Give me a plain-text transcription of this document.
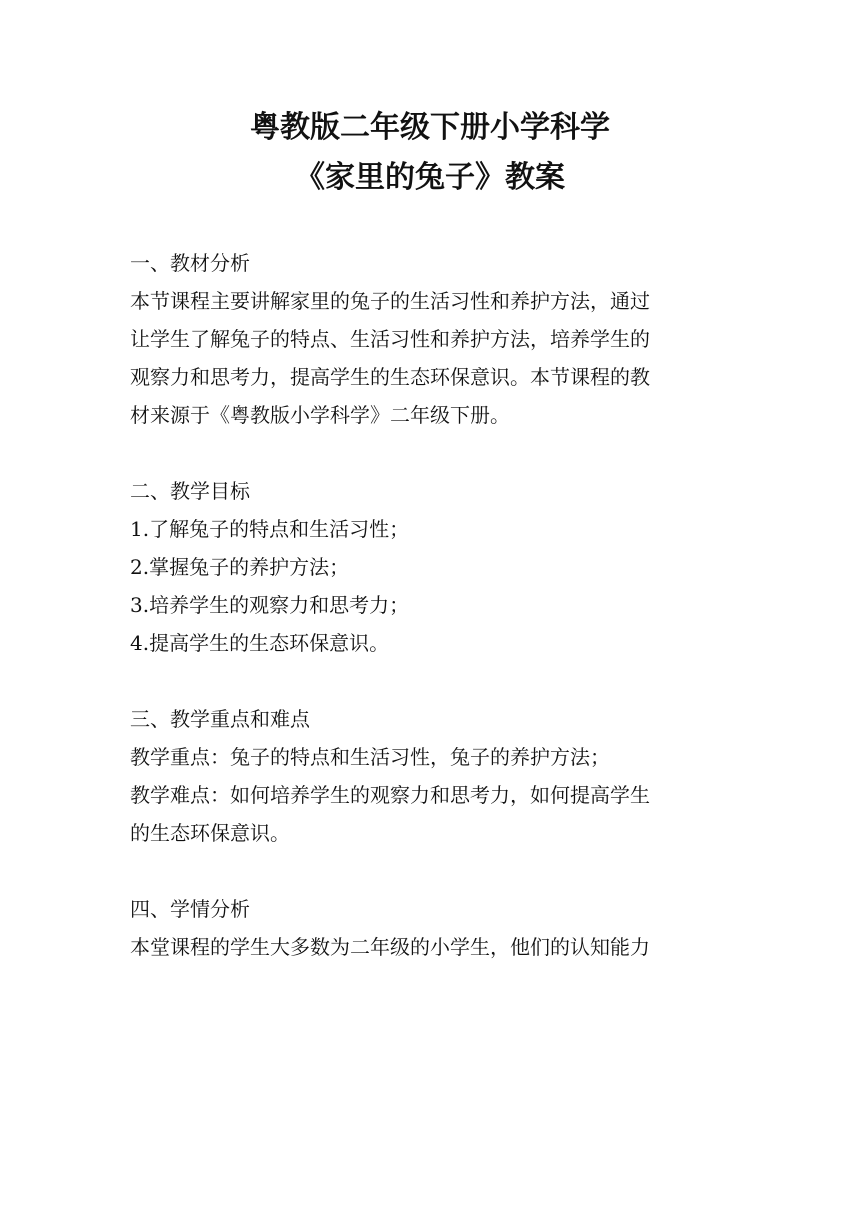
粤教版二年级下册小学科学

《家里的兔子》教案

一、教材分析
本节课程主要讲解家里的兔子的生活习性和养护方法，通过
让学生了解兔子的特点、生活习性和养护方法，培养学生的
观察力和思考力，提高学生的生态环保意识。本节课程的教
材来源于《粤教版小学科学》二年级下册。
二、教学目标
1.了解兔子的特点和生活习性；
2.掌握兔子的养护方法；
3.培养学生的观察力和思考力；
4.提高学生的生态环保意识。
三、教学重点和难点
教学重点：兔子的特点和生活习性，兔子的养护方法；
教学难点：如何培养学生的观察力和思考力，如何提高学生
的生态环保意识。
四、学情分析
本堂课程的学生大多数为二年级的小学生，他们的认知能力
